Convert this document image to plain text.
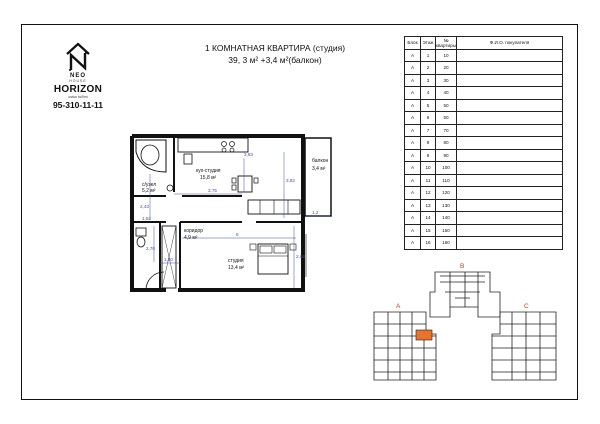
NEO
HOUSE
HORIZON
ustun bo'limi
95-310-11-11
1 КОМНАТНАЯ КВАРТИРА (студия)
39, 3 м² +3,4 м²(балкон)
2,83
3,75
3,82
1,2
2,43
1,52
5
2,68
2,76
1,80
кух-студия
15,8 м²
с/узел
5,2 м²
коридор
4,9 м²
студия
13,4 м²
балкон
3,4 м²
Блок	Этаж	№ квартиры	Ф.И.О. покупателя
A	1	10	
A	2	20	
A	3	30	
A	4	40	
A	5	50	
A	6	60	
A	7	70	
A	8	80	
A	9	90	
A	10	100	
A	11	110	
A	12	120	
A	13	130	
A	14	140	
A	15	150	
A	16	160	
B
A	C
